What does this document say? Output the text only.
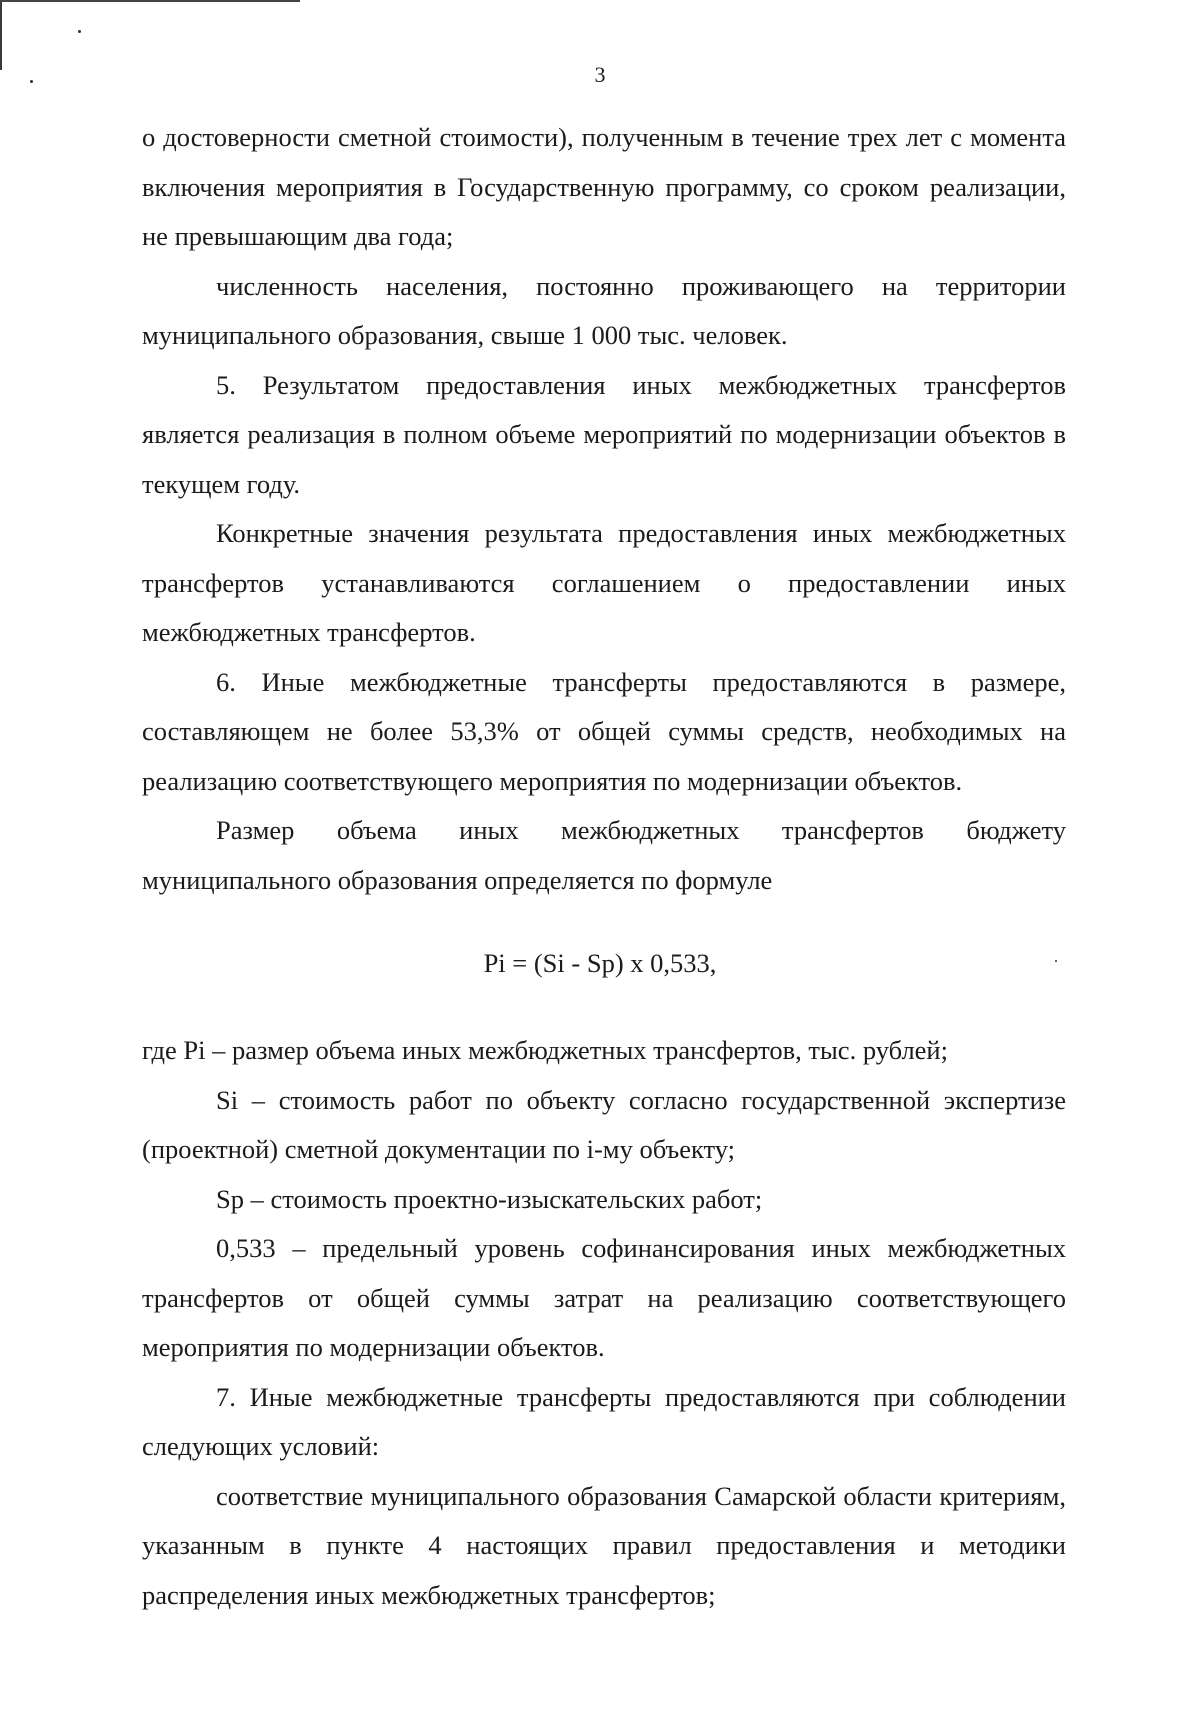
3

о достоверности сметной стоимости), полученным в течение трех лет с момента включения мероприятия в Государственную программу, со сроком реализации, не превышающим два года;

численность населения, постоянно проживающего на территории муниципального образования, свыше 1 000 тыс. человек.

5. Результатом предоставления иных межбюджетных трансфертов является реализация в полном объеме мероприятий по модернизации объектов в текущем году.

Конкретные значения результата предоставления иных межбюджетных трансфертов устанавливаются соглашением о предоставлении иных межбюджетных трансфертов.

6. Иные межбюджетные трансферты предоставляются в размере, составляющем не более 53,3% от общей суммы средств, необходимых на реализацию соответствующего мероприятия по модернизации объектов.

Размер объема иных межбюджетных трансфертов бюджету муниципального образования определяется по формуле

Pi = (Si - Sp) x 0,533,

где Pi – размер объема иных межбюджетных трансфертов, тыс. рублей;

Si – стоимость работ по объекту согласно государственной экспертизе (проектной) сметной документации по i-му объекту;

Sp – стоимость проектно-изыскательских работ;

0,533 – предельный уровень софинансирования иных межбюджетных трансфертов от общей суммы затрат на реализацию соответствующего мероприятия по модернизации объектов.

7. Иные межбюджетные трансферты предоставляются при соблюдении следующих условий:

соответствие муниципального образования Самарской области критериям, указанным в пункте 4 настоящих правил предоставления и методики распределения иных межбюджетных трансфертов;
